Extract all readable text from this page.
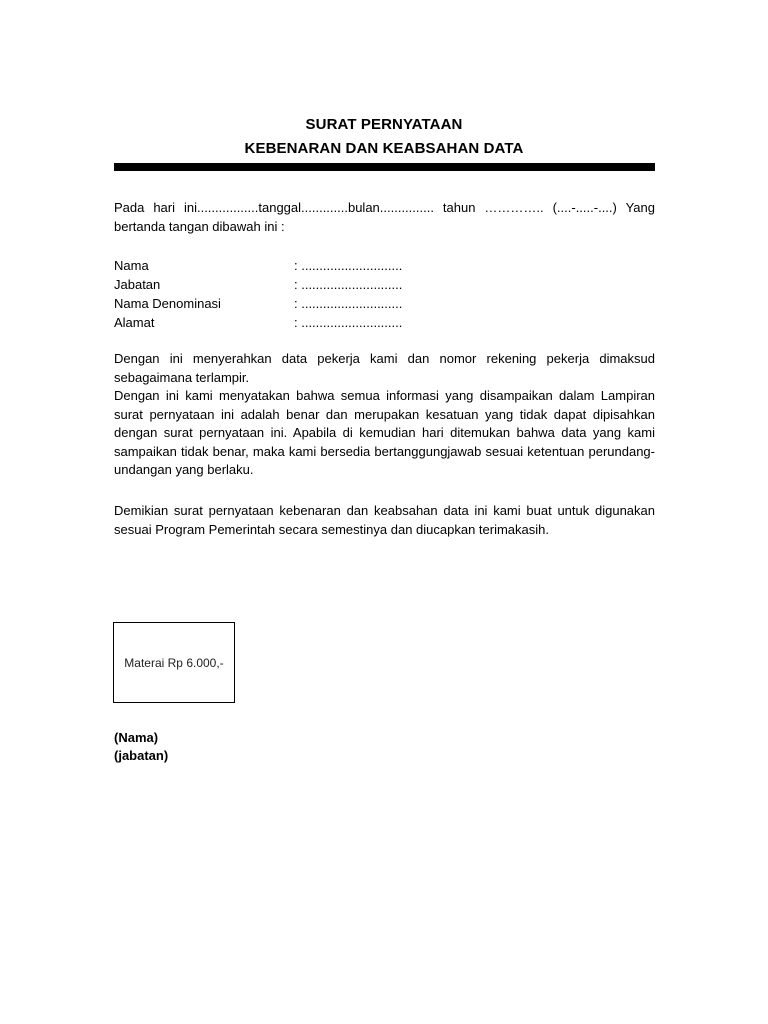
SURAT PERNYATAAN
KEBENARAN DAN KEABSAHAN DATA
Pada hari ini.................tanggal.............bulan............... tahun ………….. (....-.....-....) Yang bertanda tangan dibawah ini :
Nama	: ............................
Jabatan	: ............................
Nama Denominasi	: ............................
Alamat	: ............................
Dengan ini menyerahkan data pekerja kami dan nomor rekening pekerja dimaksud sebagaimana terlampir.
Dengan ini kami menyatakan bahwa semua informasi yang disampaikan dalam Lampiran surat pernyataan ini adalah benar dan merupakan kesatuan yang tidak dapat dipisahkan dengan surat pernyataan ini. Apabila di kemudian hari ditemukan bahwa data yang kami sampaikan tidak benar, maka kami bersedia bertanggungjawab sesuai ketentuan perundang-undangan yang berlaku.
Demikian surat pernyataan kebenaran dan keabsahan data ini kami buat untuk digunakan sesuai Program Pemerintah secara semestinya dan diucapkan terimakasih.
Materai Rp 6.000,-
(Nama)
(jabatan)
